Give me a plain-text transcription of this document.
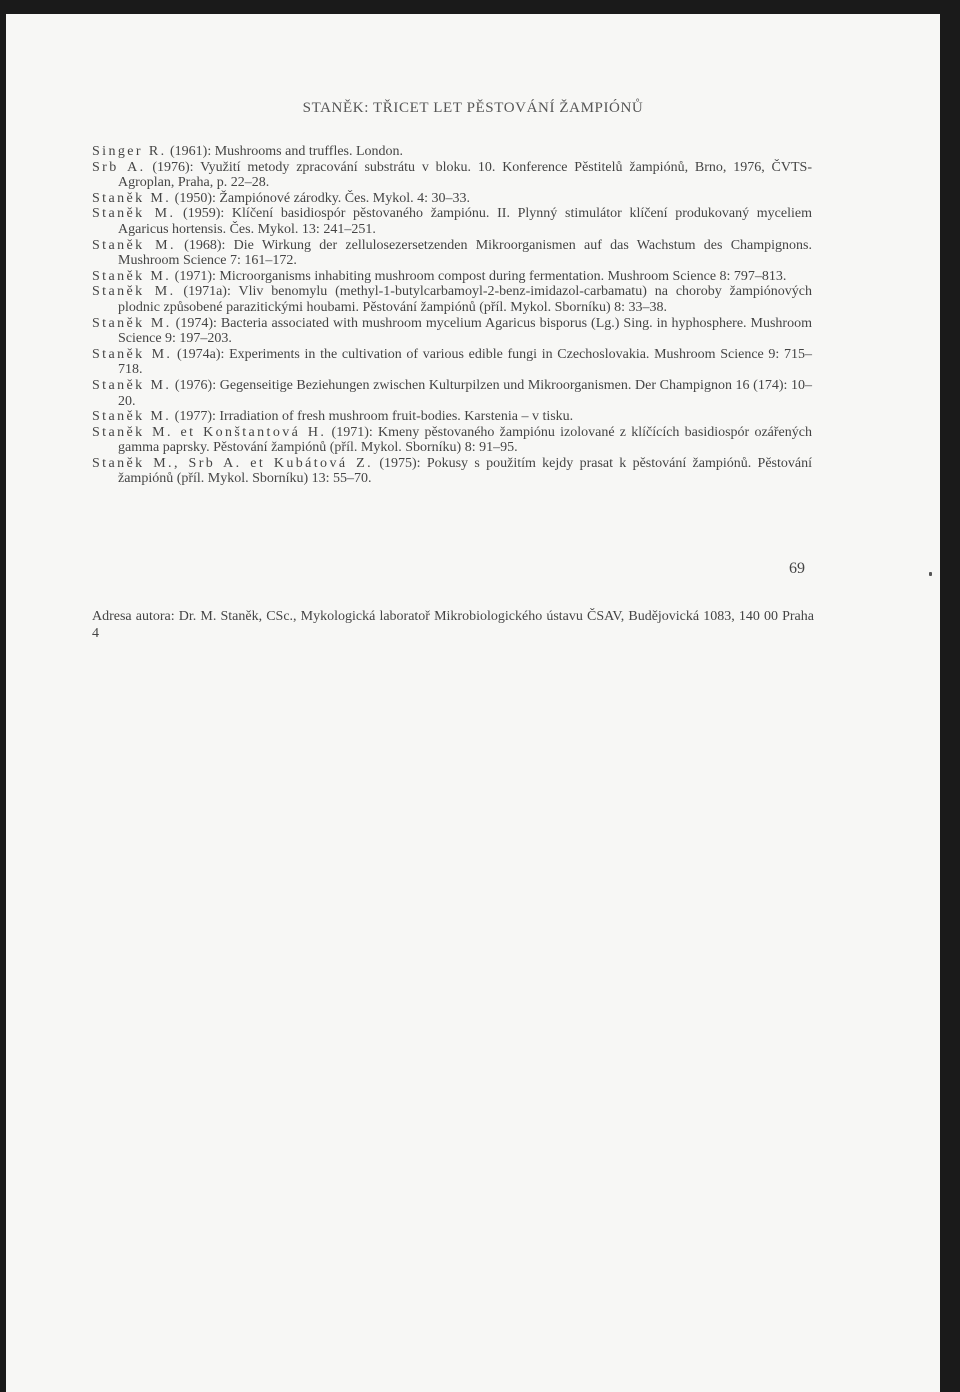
STANĚK: TŘICET LET PĚSTOVÁNÍ ŽAMPIÓNŮ
Singer R. (1961): Mushrooms and truffles. London.
Srb A. (1976): Využití metody zpracování substrátu v bloku. 10. Konference Pěstitelů žampiónů, Brno, 1976, ČVTS-Agroplan, Praha, p. 22–28.
Staněk M. (1950): Žampiónové zárodky. Čes. Mykol. 4: 30–33.
Staněk M. (1959): Klíčení basidiospór pěstovaného žampiónu. II. Plynný stimulátor klíčení produkovaný myceliem Agaricus hortensis. Čes. Mykol. 13: 241–251.
Staněk M. (1968): Die Wirkung der zellulosezersetzenden Mikroorganismen auf das Wachstum des Champignons. Mushroom Science 7: 161–172.
Staněk M. (1971): Microorganisms inhabiting mushroom compost during fermentation. Mushroom Science 8: 797–813.
Staněk M. (1971a): Vliv benomylu (methyl-1-butylcarbamoyl-2-benz-imidazol-carbamatu) na choroby žampiónových plodnic způsobené parazitickými houbami. Pěstování žampiónů (příl. Mykol. Sborníku) 8: 33–38.
Staněk M. (1974): Bacteria associated with mushroom mycelium Agaricus bisporus (Lg.) Sing. in hyphosphere. Mushroom Science 9: 197–203.
Staněk M. (1974a): Experiments in the cultivation of various edible fungi in Czechoslovakia. Mushroom Science 9: 715–718.
Staněk M. (1976): Gegenseitige Beziehungen zwischen Kulturpilzen und Mikroorganismen. Der Champignon 16 (174): 10–20.
Staněk M. (1977): Irradiation of fresh mushroom fruit-bodies. Karstenia – v tisku.
Staněk M. et Konštantová H. (1971): Kmeny pěstovaného žampiónu izolované z klíčících basidiospór ozářených gamma paprsky. Pěstování žampiónů (příl. Mykol. Sborníku) 8: 91–95.
Staněk M., Srb A. et Kubátová Z. (1975): Pokusy s použitím kejdy prasat k pěstování žampiónů. Pěstování žampiónů (příl. Mykol. Sborníku) 13: 55–70.
Adresa autora: Dr. M. Staněk, CSc., Mykologická laboratoř Mikrobiologického ústavu ČSAV, Budějovická 1083, 140 00 Praha 4
69
